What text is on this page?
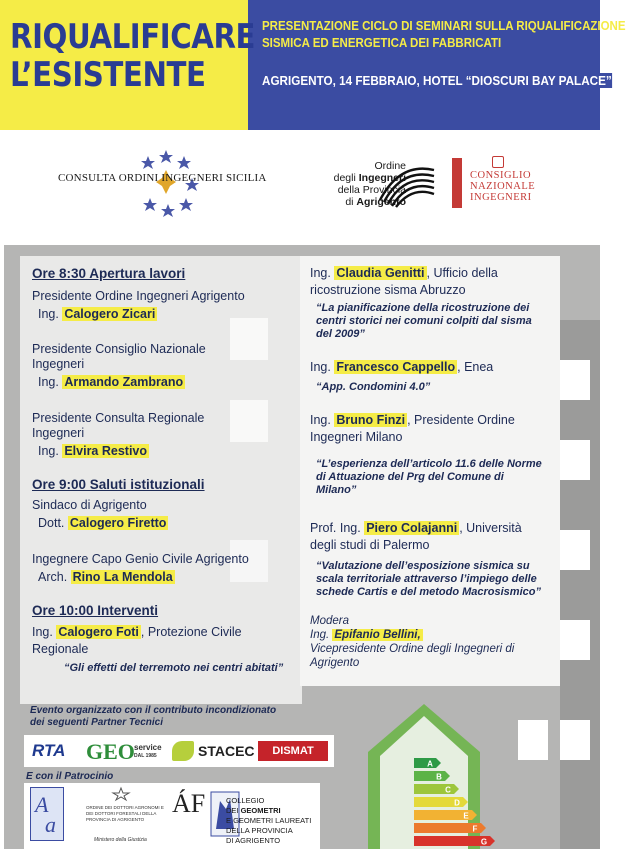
RIQUALIFICARE
L’ESISTENTE
PRESENTAZIONE CICLO DI SEMINARI SULLA RIQUALIFICAZIONE
SISMICA ED ENERGETICA DEI FABBRICATI
AGRIGENTO, 14 FEBBRAIO, HOTEL “DIOSCURI BAY PALACE”
CONSULTA ORDINI INGEGNERI SICILIA
Ordine
degli Ingegneri
della Provincia
di Agrigento
CONSIGLIO
NAZIONALE
INGEGNERI
Ore 8:30 Apertura lavori
Presidente Ordine Ingegneri Agrigento
Ing. Calogero Zicari
Presidente Consiglio Nazionale
Ingegneri
Ing. Armando Zambrano
Presidente Consulta Regionale
Ingegneri
Ing. Elvira Restivo
Ore 9:00 Saluti istituzionali
Sindaco di Agrigento
Dott. Calogero Firetto
Ingegnere Capo Genio Civile Agrigento
Arch. Rino La Mendola
Ore 10:00 Interventi
Ing. Calogero Foti , Protezione Civile
Regionale
“Gli effetti del terremoto nei centri abitati”
Ing. Claudia Genitti , Ufficio della
ricostruzione sisma Abruzzo
“La pianificazione della ricostruzione dei
centri storici nei comuni colpiti dal sisma
del 2009”
Ing. Francesco Cappello , Enea
“App. Condomini 4.0”
Ing. Bruno Finzi , Presidente Ordine
Ingegneri Milano
“L’esperienza dell’articolo 11.6 delle Norme
di Attuazione del Prg del Comune di
Milano”
Prof. Ing. Piero Colajanni , Università
degli studi di Palermo
“Valutazione dell’esposizione sismica su
scala territoriale attraverso l’impiego delle
schede Cartis e del metodo Macrosismico”
Modera
Ing. Epifanio Bellini,
Vicepresidente Ordine degli Ingegneri di
Agrigento
Evento organizzato con il contributo incondizionato
dei seguenti Partner Tecnici
RTA GEO service
DAL 1985	STACEC	DISMAT
E con il Patrocinio
A
a
ORDINE DEI DOTTORI AGRONOMI E DEI DOTTORI FORESTALI DELLA PROVINCIA DI AGRIGENTO
ÁF
Ministero della Giustizia
COLLEGIO
DEI GEOMETRI
E GEOMETRI LAUREATI
DELLA PROVINCIA
DI AGRIGENTO
A
B
C
D
E
F
G
